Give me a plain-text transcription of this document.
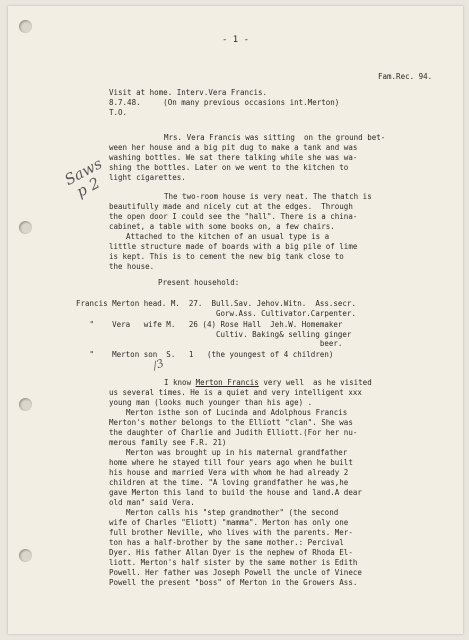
- 1 -
Fam.Rec. 94.
Visit at home. Interv.Vera Francis.
8.7.48.     (On many previous occasions int.Merton)
T.O.
Saws
p 2
Mrs. Vera Francis was sitting  on the ground bet-
ween her house and a big pit dug to make a tank and was
washing bottles. We sat there talking while she was wa-
shing the bottles. Later on we went to the kitchen to
light cigarettes.
The two-room house is very neat. The thatch is
beautifully made and nicely cut at the edges.  Through
the open door I could see the "hall". There is a china-
cabinet, a table with some books on, a few chairs.
Attached to the kitchen of an usual type is a
little structure made of boards with a big pile of lime
is kept. This is to cement the new big tank close to
the house.
Present household:
Francis Merton head. M.  27.  Bull.Sav. Jehov.Witn.  Ass.secr.
Gorw.Ass. Cultivator.Carpenter.
"    Vera   wife M.   26 (4) Rose Hall  Jeh.W. Homemaker
Cultiv. Baking& selling ginger
beer.
"    Merton son  S.   1   (the youngest of 4 children)
/3
I know Merton Francis very well  as he visited
us several times. He is a quiet and very intelligent xxx
young man (looks much younger than his age) .
Merton isthe son of Lucinda and Adolphous Francis
Merton's mother belongs to the Elliott "clan". She was
the daughter of Charlie and Judith Elliott.(For her nu-
merous family see F.R. 21)
Merton was brought up in his maternal grandfather
home where he stayed till four years ago when he built
his house and married Vera with whom he had already 2
children at the time. "A loving grandfather he was,he
gave Merton this land to build the house and land.A dear
old man" said Vera.
Merton calls his "step grandmother" (the second
wife of Charles "Eliott) "mamma". Merton has only one
full brother Neville, who lives with the parents. Mer-
ton has a half-brother by the same mother.: Percival
Dyer. His father Allan Dyer is the nephew of Rhoda El-
liott. Merton's half sister by the same mother is Edith
Powell. Her father was Joseph Powell the uncle of Vinece
Powell the present "boss" of Merton in the Growers Ass.
